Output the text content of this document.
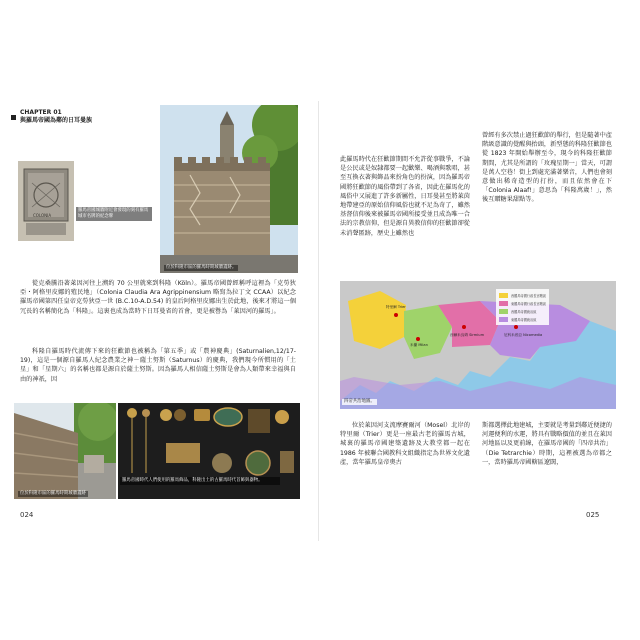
CHAPTER 01
與羅馬帝國為鄰的日耳曼族
COLONIA
羅馬帝國城牆附近會發現的刻有羅馬城市名牌的紀念牌
位於科隆市區的羅馬時期城牆遺跡。
從克桑騰沿著萊因河往上溯約 70 公里就來到科隆（Köln）。羅馬帝國曾經稱呼這裡為「克勞狄亞・阿格里皮娜的殖民地」（Colonia Claudia Ara Agrippinensium 略寫為拉丁文 CCAA）以紀念羅馬帝國第四任皇帝克勞狄亞一世 (B.C.10-A.D.54) 的皇后阿格里皮娜出生於此地，後來才將這一個冗長的名稱簡化為「科隆」。這裏也成為當時下日耳曼省的首會，更是被譽為「萊因河的羅馬」。
科隆自羅馬時代流傳下來的狂歡節也被稱為「第五季」或「農神慶典」(Saturnalien,12/17-19)，這是一個源自羅馬人紀念農業之神－薩土努斯（Saturnus）的慶典，我們現今所慣用的「土星」和「星期六」的名稱也都是源自於薩土努斯。因為羅馬人相信薩土努斯是會為人類帶來幸福與自由的神祇，因
位於科隆市區的羅馬時期城牆遺跡
羅馬帝國時代人們使用的羅馬飾品，科隆出土的古羅馬時代首飾與器物。
024
此羅馬時代在狂歡節期間不允許從事戰爭，不論是公民或是奴隸都要一起歡樂、喝酒與歌唱，甚至互換衣著與飾品來扮角色的扮演，因為羅馬帝國將狂歡節的風俗帶到了各省，因此在羅馬化的風俗中又展進了許多新屬性，日耳曼甚至將萊茵地帶建亞的原始信仰風俗也就不足為奇了，雖然基督信仰後來被羅馬帝國所接受並且成為唯一合法的宗教信仰，但是源自異教信仰的狂歡節卻從未消聲匿跡，歷史上雖然也
曾經有多次禁止過狂歡節的舉行，但是隨著中產階級意識的覺醒與抬頭，新型態的科隆狂歡節也從 1823 年開始舉辦至今，現今的科隆狂歡節期間，尤其是所謂的「玫瑰星期一」當天，可謂是萬人空巷！街上到處充滿著樂音，人們也會刻意做出稀奇造型的打扮，而且依然會在下「Colonia Alaaf!」意思為「科隆萬歲！」，然後互贈糖果甜點等。
西羅馬帝國行政長官轄區
東羅馬帝國行政長官轄區
西羅馬帝國統治區
東羅馬帝國統治區
特里爾 Trier
米蘭 Milan
西爾米烏姆 Sirmium	尼科米底亞 Nicomedia
四帝共治地圖。
位於萊因河支流摩賽爾河（Mosel）北岸的特里爾（Trier）更是一座最古老的羅馬古城，城裏的羅馬帝國建築遺跡及大教堂都一起在 1986 年被聯合國教科文組織指定為世界文化遺產，當年羅馬皇帝奧古
斯都選擇此地建城，主要就是考量到鄰近便捷的河運便利的水運，將具有戰略價值的並且在萊因河地區以及更前線，在羅馬帝國的「四帝共治」（Die Tetrarchie）時期，這裡被選為帝都之一，當時羅馬帝國轄區遼闊，
025
